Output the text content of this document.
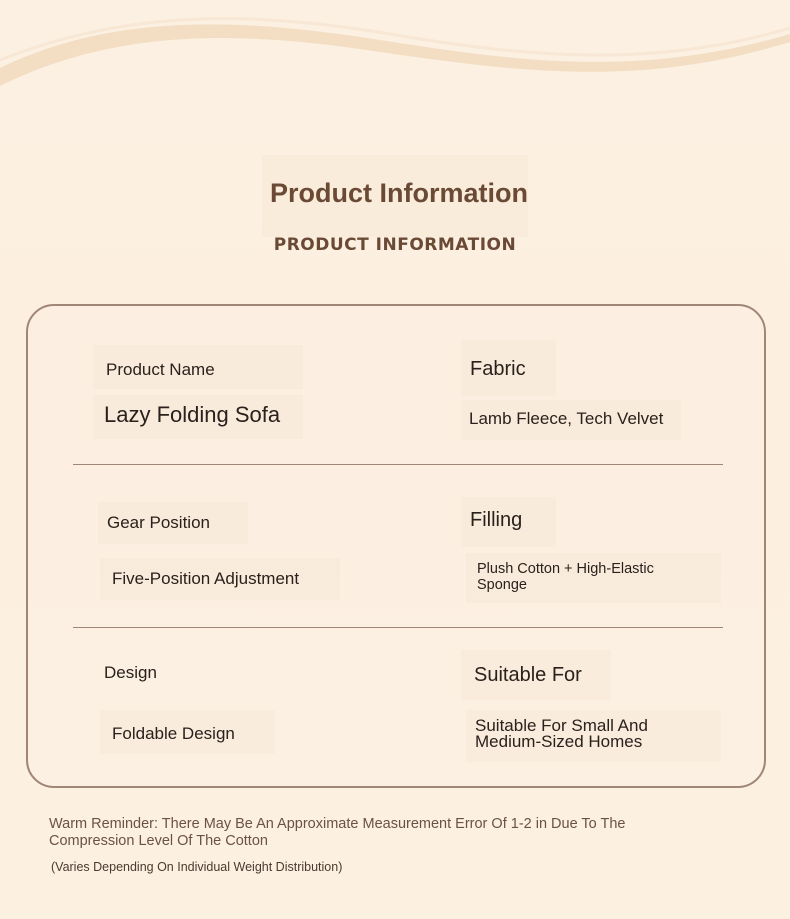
Product Information
PRODUCT INFORMATION
Product Name
Lazy Folding Sofa
Fabric
Lamb Fleece, Tech Velvet
Gear Position
Five-Position Adjustment
Filling
Plush Cotton + High-Elastic Sponge
Design
Foldable Design
Suitable For
Suitable For Small And Medium-Sized Homes

Warm Reminder: There May Be An Approximate Measurement Error Of 1-2 in Due To The Compression Level Of The Cotton

(Varies Depending On Individual Weight Distribution)
